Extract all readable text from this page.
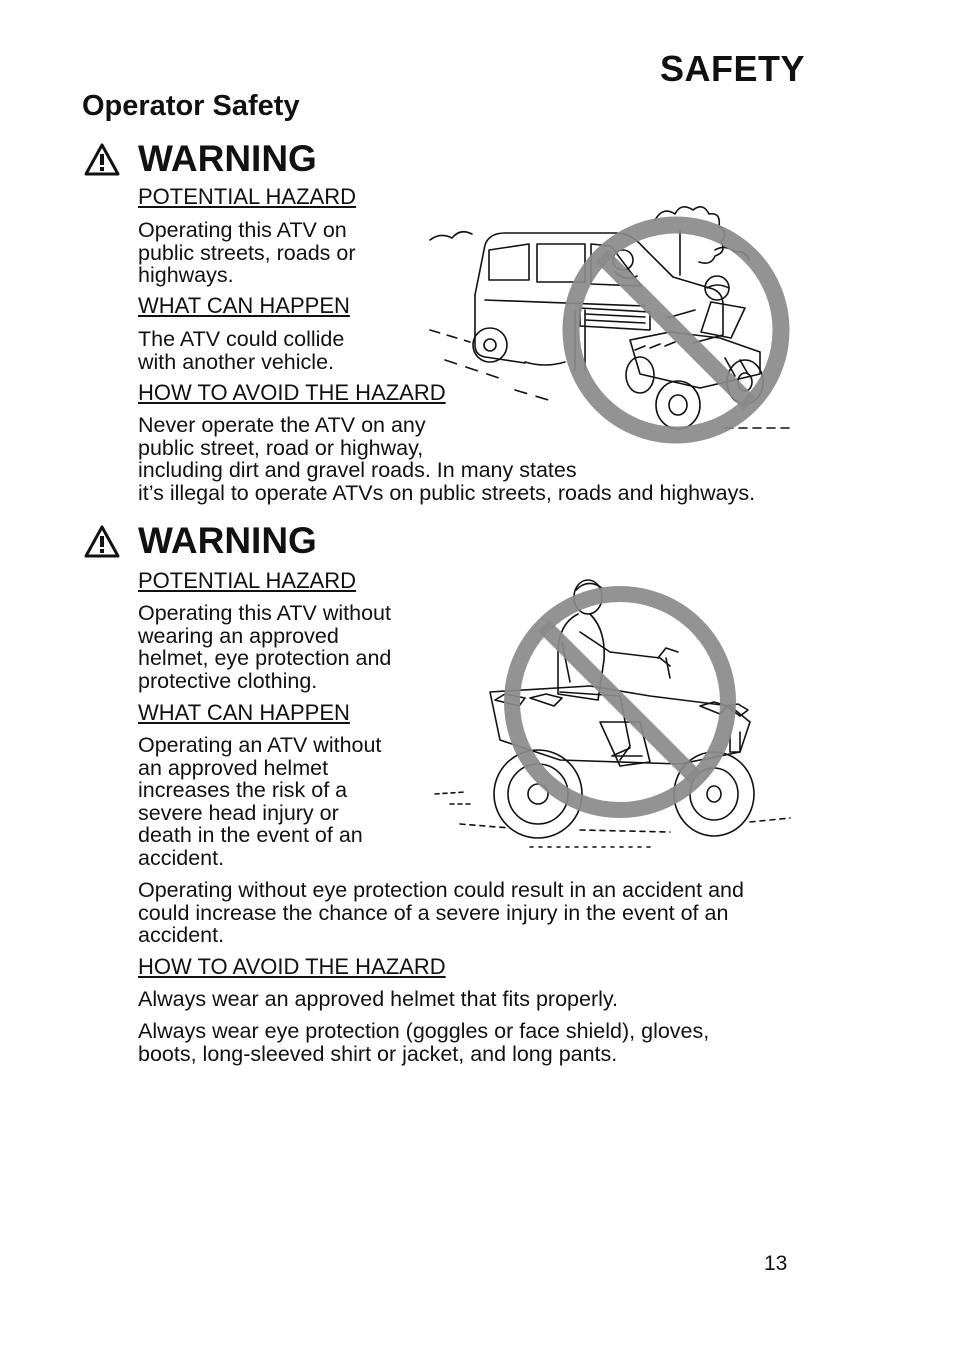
SAFETY
Operator Safety
WARNING
POTENTIAL HAZARD
Operating this ATV on
public streets, roads or
highways.
WHAT CAN HAPPEN
The ATV could collide
with another vehicle.
HOW TO AVOID THE HAZARD
Never operate the ATV on any
public street, road or highway,
including dirt and gravel roads. In many states
it’s illegal to operate ATVs on public streets, roads and highways.
WARNING
POTENTIAL HAZARD
Operating this ATV without
wearing an approved
helmet, eye protection and
protective clothing.
WHAT CAN HAPPEN
Operating an ATV without
an approved helmet
increases the risk of a
severe head injury or
death in the event of an
accident.
Operating without eye protection could result in an accident and
could increase the chance of a severe injury in the event of an
accident.
HOW TO AVOID THE HAZARD
Always wear an approved helmet that fits properly.
Always wear eye protection (goggles or face shield), gloves,
boots, long-sleeved shirt or jacket, and long pants.
13
